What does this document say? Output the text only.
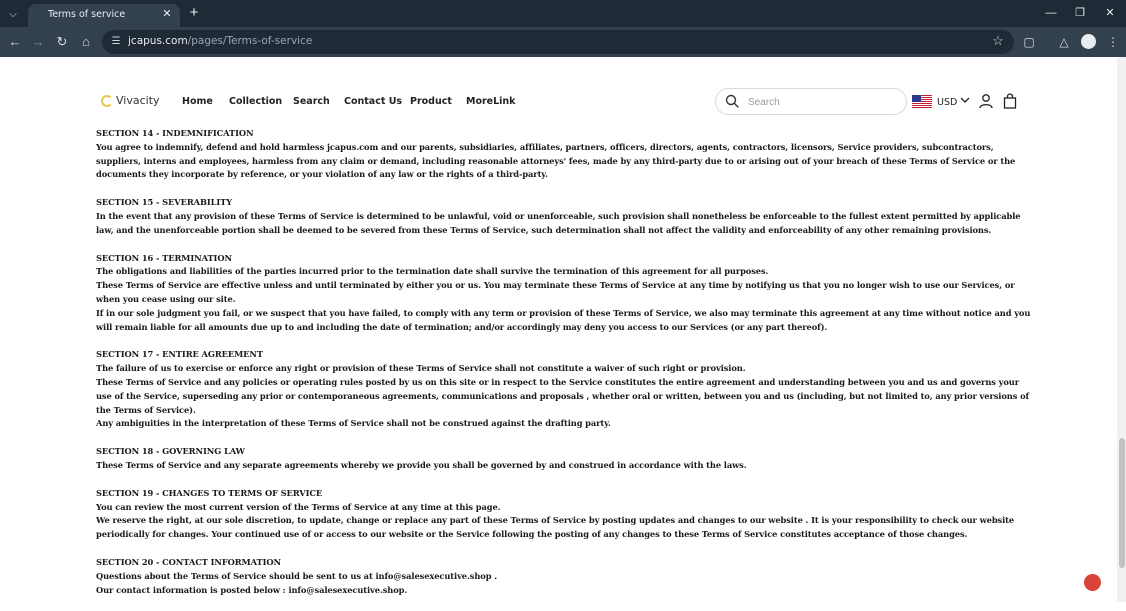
⌵	Terms of service	✕ +	— ❐	✕
← → ↻	⌂	☰ jcapus.com/pages/Terms-of-service	☆ ▢	△	⋮
Vivacity Home Collection Search Contact Us Product MoreLink
Search	USD
SECTION 14 - INDEMNIFICATION
You agree to indemnify, defend and hold harmless jcapus.com and our parents, subsidiaries, affiliates, partners, officers, directors, agents, contractors, licensors, Service providers, subcontractors, suppliers, interns and employees, harmless from any claim or demand, including reasonable attorneys' fees, made by any third-party due to or arising out of your breach of these Terms of Service or the documents they incorporate by reference, or your violation of any law or the rights of a third-party.
SECTION 15 - SEVERABILITY
In the event that any provision of these Terms of Service is determined to be unlawful, void or unenforceable, such provision shall nonetheless be enforceable to the fullest extent permitted by applicable law, and the unenforceable portion shall be deemed to be severed from these Terms of Service, such determination shall not affect the validity and enforceability of any other remaining provisions.
SECTION 16 - TERMINATION
The obligations and liabilities of the parties incurred prior to the termination date shall survive the termination of this agreement for all purposes.
These Terms of Service are effective unless and until terminated by either you or us. You may terminate these Terms of Service at any time by notifying us that you no longer wish to use our Services, or when you cease using our site.
If in our sole judgment you fail, or we suspect that you have failed, to comply with any term or provision of these Terms of Service, we also may terminate this agreement at any time without notice and you will remain liable for all amounts due up to and including the date of termination; and/or accordingly may deny you access to our Services (or any part thereof).
SECTION 17 - ENTIRE AGREEMENT
The failure of us to exercise or enforce any right or provision of these Terms of Service shall not constitute a waiver of such right or provision.
These Terms of Service and any policies or operating rules posted by us on this site or in respect to the Service constitutes the entire agreement and understanding between you and us and governs your use of the Service, superseding any prior or contemporaneous agreements, communications and proposals , whether oral or written, between you and us (including, but not limited to, any prior versions of the Terms of Service).
Any ambiguities in the interpretation of these Terms of Service shall not be construed against the drafting party.
SECTION 18 - GOVERNING LAW
These Terms of Service and any separate agreements whereby we provide you shall be governed by and construed in accordance with the laws.
SECTION 19 - CHANGES TO TERMS OF SERVICE
You can review the most current version of the Terms of Service at any time at this page.
We reserve the right, at our sole discretion, to update, change or replace any part of these Terms of Service by posting updates and changes to our website . It is your responsibility to check our website periodically for changes. Your continued use of or access to our website or the Service following the posting of any changes to these Terms of Service constitutes acceptance of those changes.
SECTION 20 - CONTACT INFORMATION
Questions about the Terms of Service should be sent to us at info@salesexecutive.shop .
Our contact information is posted below : info@salesexecutive.shop.
